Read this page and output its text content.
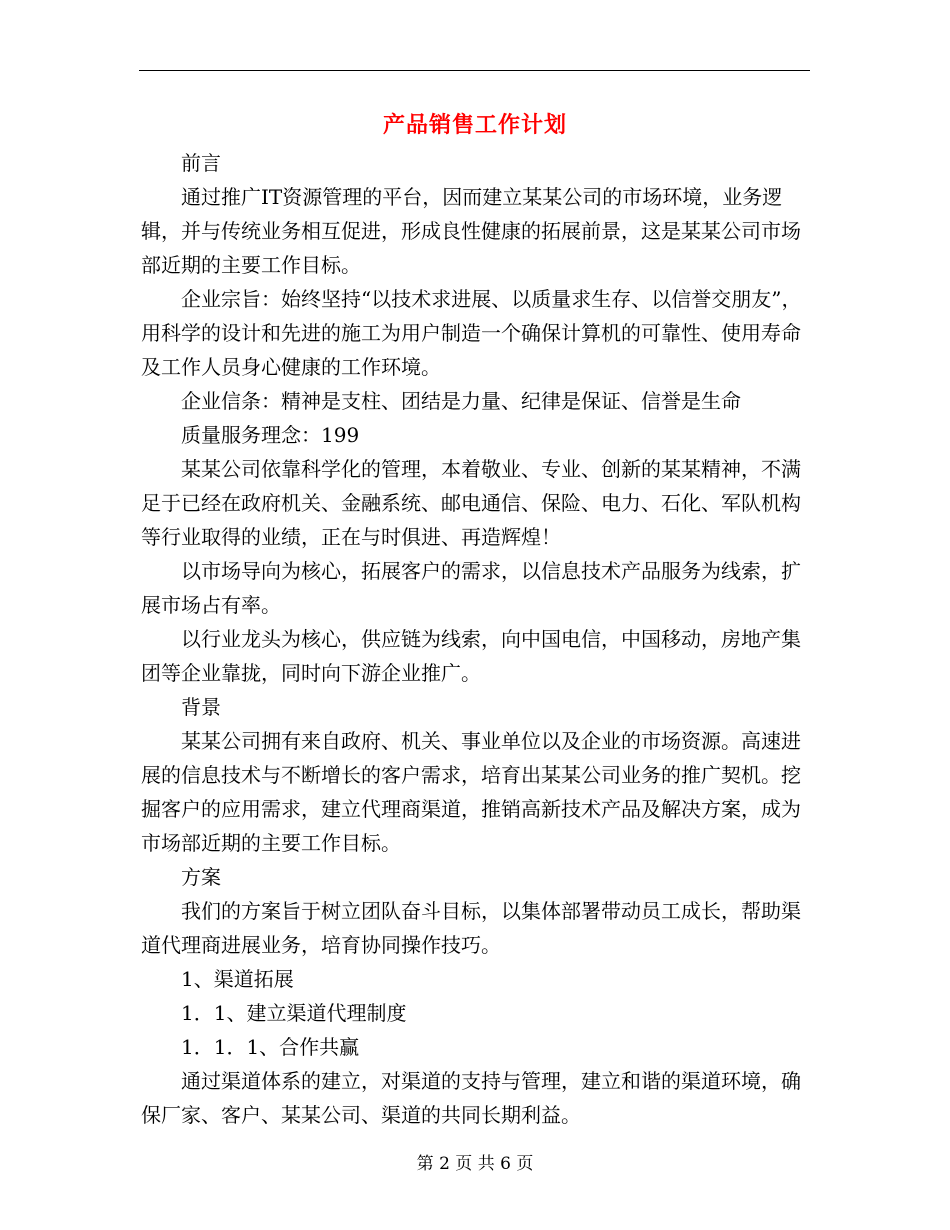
产品销售工作计划

前言

通过推广IT资源管理的平台，因而建立某某公司的市场环境，业务逻辑，并与传统业务相互促进，形成良性健康的拓展前景，这是某某公司市场部近期的主要工作目标。

企业宗旨：始终坚持“以技术求进展、以质量求生存、以信誉交朋友”，用科学的设计和先进的施工为用户制造一个确保计算机的可靠性、使用寿命及工作人员身心健康的工作环境。

企业信条：精神是支柱、团结是力量、纪律是保证、信誉是生命

质量服务理念：199

某某公司依靠科学化的管理，本着敬业、专业、创新的某某精神，不满足于已经在政府机关、金融系统、邮电通信、保险、电力、石化、军队机构等行业取得的业绩，正在与时俱进、再造辉煌！

以市场导向为核心，拓展客户的需求，以信息技术产品服务为线索，扩展市场占有率。

以行业龙头为核心，供应链为线索，向中国电信，中国移动，房地产集团等企业靠拢，同时向下游企业推广。

背景

某某公司拥有来自政府、机关、事业单位以及企业的市场资源。高速进展的信息技术与不断增长的客户需求，培育出某某公司业务的推广契机。挖掘客户的应用需求，建立代理商渠道，推销高新技术产品及解决方案，成为市场部近期的主要工作目标。

方案

我们的方案旨于树立团队奋斗目标，以集体部署带动员工成长，帮助渠道代理商进展业务，培育协同操作技巧。

1、渠道拓展

1．1、建立渠道代理制度

1．1．1、合作共赢

通过渠道体系的建立，对渠道的支持与管理，建立和谐的渠道环境，确保厂家、客户、某某公司、渠道的共同长期利益。

第 2 页 共 6 页
